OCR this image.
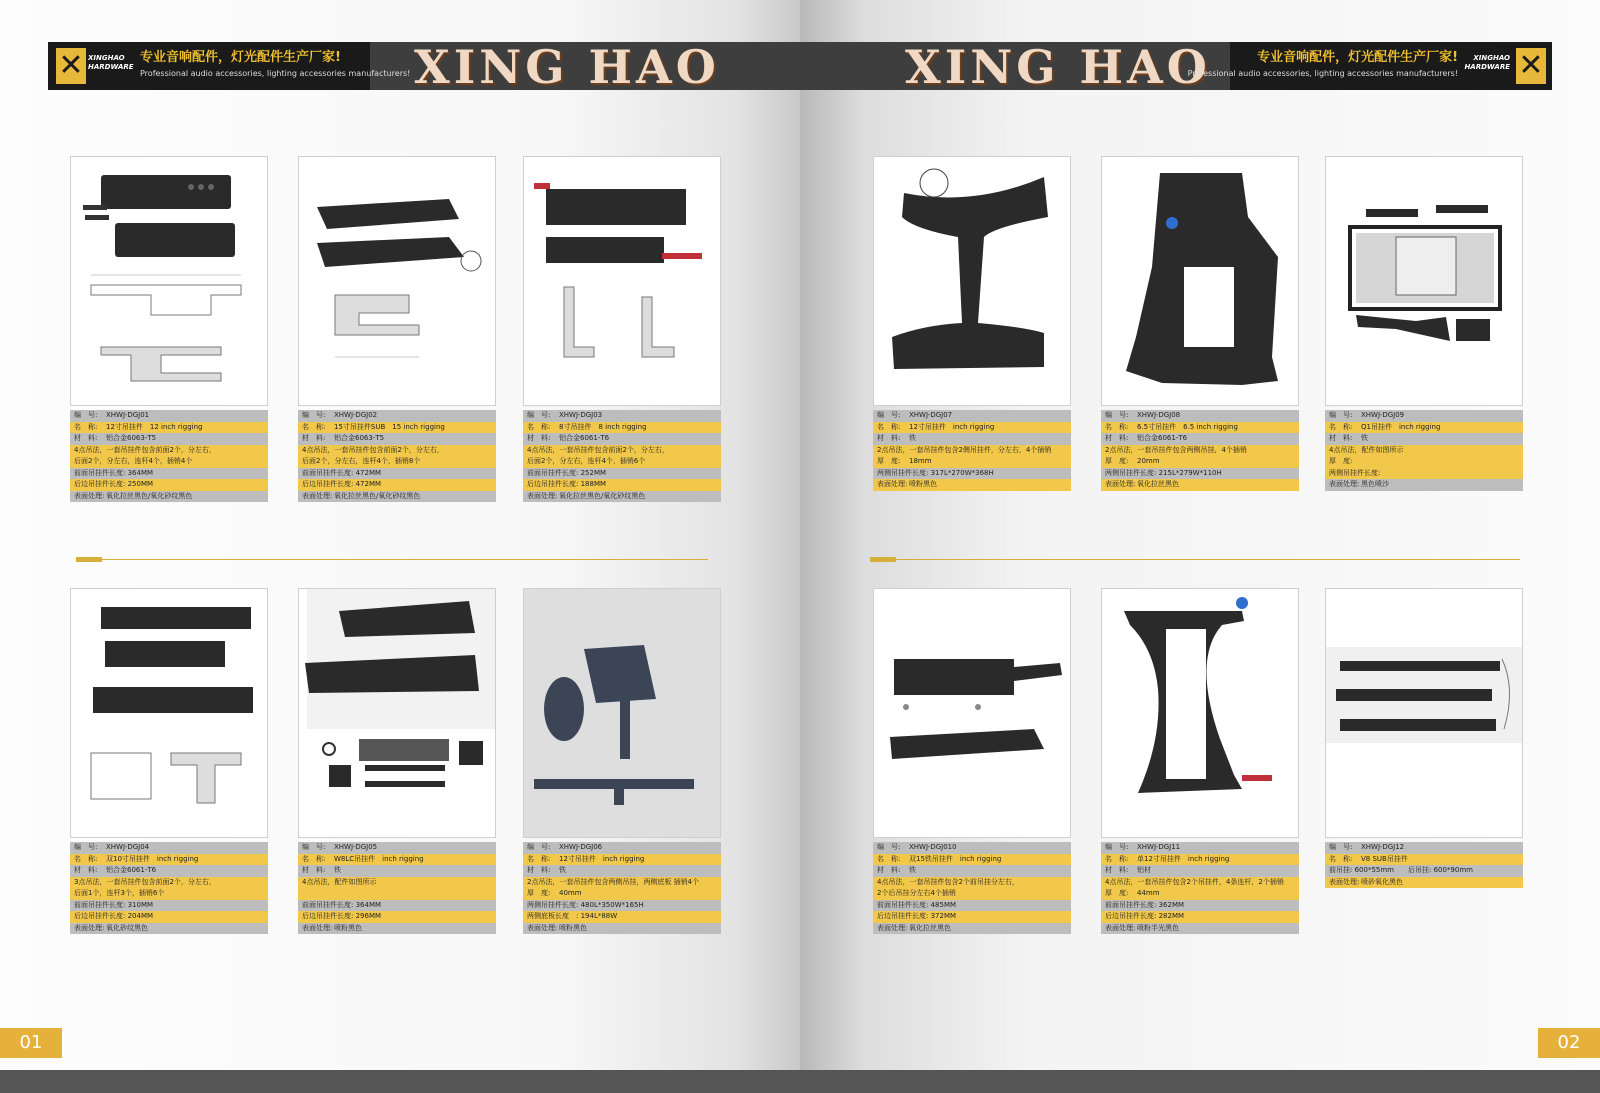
✕ XINGHAO
HARDWARE
专业音响配件，灯光配件生产厂家!
Professional audio accessories, lighting accessories manufacturers! XING HAO
编　号: XHWJ-DGJ01
名　称: 12寸吊挂件　12 inch rigging
材　料: 铝合金6063-T5
4点吊法，一套吊挂件包含前面2个，分左右，
后面2个，分左右，连杆4个，插销4个
前面吊挂件长度: 364MM
后边吊挂件长度: 250MM
表面处理: 氧化拉丝黑色/氧化砂纹黑色
编　号: XHWJ-DGJ02
名　称: 15寸吊挂件SUB　15 inch rigging
材　料: 铝合金6063-T5
4点吊法，一套吊挂件包含前面2个，分左右，
后面2个，分左右，连杆4个，插销8个
前面吊挂件长度: 472MM
后边吊挂件长度: 472MM
表面处理: 氧化拉丝黑色/氧化砂纹黑色
编　号: XHWJ-DGJ03
名　称: 8寸吊挂件　8 inch rigging
材　料: 铝合金6061-T6
4点吊法，一套吊挂件包含前面2个，分左右，
后面2个，分左右，连杆4个，插销6个
前面吊挂件长度: 252MM
后边吊挂件长度: 188MM
表面处理: 氧化拉丝黑色/氧化砂纹黑色
编　号: XHWJ-DGJ04
名　称: 双10寸吊挂件　inch rigging
材　料: 铝合金6061-T6
3点吊法，一套吊挂件包含前面2个，分左右，
后面1个，连杆3个，插销6个
前面吊挂件长度: 310MM
后边吊挂件长度: 204MM
表面处理: 氧化砂纹黑色
编　号: XHWJ-DGJ05
名　称: W8LC吊挂件　inch rigging
材　料: 铁
4点吊法，配件如图所示
前面吊挂件长度: 364MM
后边吊挂件长度: 296MM
表面处理: 喷粉黑色
编　号: XHWJ-DGJ06
名　称: 12寸吊挂件　inch rigging
材　料: 铁
2点吊法，一套吊挂件包含两侧吊挂，两侧底板 插销4个
厚　度: 40mm
两侧吊挂件长度: 480L*350W*165H
两侧底板长度　: 194L*88W
表面处理: 喷粉黑色
01
XING HAO	专业音响配件，灯光配件生产厂家!
Professional audio accessories, lighting accessories manufacturers!
XINGHAO
HARDWARE ✕
编　号: XHWJ-DGJ07
名　称: 12寸吊挂件　inch rigging
材　料: 铁
2点吊法，一套吊挂件包含2侧吊挂件，分左右，4个插销
厚　度: 18mm
两侧吊挂件长度: 317L*270W*368H
表面处理: 喷粉黑色
编　号: XHWJ-DGJ08
名　称: 6.5寸吊挂件　6.5 inch rigging
材　料: 铝合金6061-T6
2点吊法，一套吊挂件包含两侧吊挂，4个插销
厚　度: 20mm
两侧吊挂件长度: 215L*279W*110H
表面处理: 氧化拉丝黑色
编　号: XHWJ-DGJ09
名　称: Q1吊挂件　inch rigging
材　料: 铁
4点吊法，配件如图所示
厚　度:
两侧吊挂件长度:
表面处理: 黑色喷沙
编　号: XHWJ-DGJ010
名　称: 双15铁吊挂件　inch rigging
材　料: 铁
4点吊法，一套吊挂件包含2个前吊挂分左右，
2个后吊挂分左右4个插销
前面吊挂件长度: 485MM
后边吊挂件长度: 372MM
表面处理: 氧化拉丝黑色
编　号: XHWJ-DGJ11
名　称: 单12寸吊挂件　inch rigging
材　料: 铝材
4点吊法，一套吊挂件包含2个吊挂件，4条连杆，2个插销
厚　度: 44mm
前面吊挂件长度: 362MM
后边吊挂件长度: 282MM
表面处理: 喷粉半光黑色
编　号: XHWJ-DGJ12
名　称: V8 SUB吊挂件
前吊挂: 600*55mm　　后吊挂: 600*90mm
表面处理: 喷砂氧化黑色
02
